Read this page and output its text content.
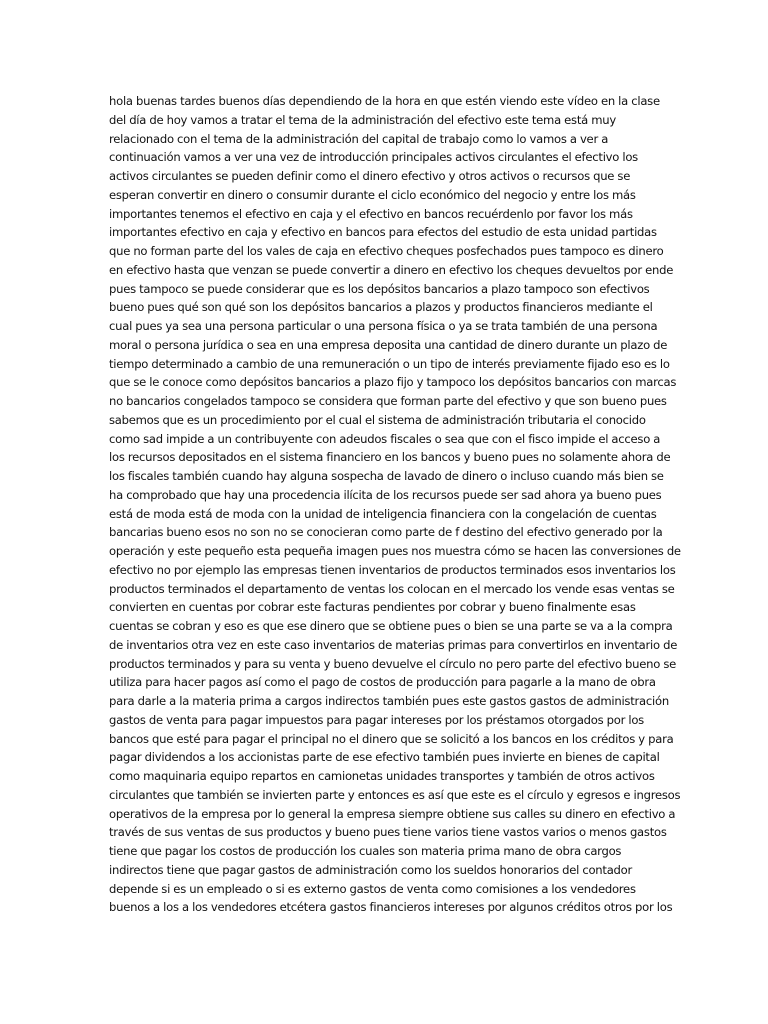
hola buenas tardes buenos días dependiendo de la hora en que estén viendo este vídeo en la clase
del día de hoy vamos a tratar el tema de la administración del efectivo este tema está muy
relacionado con el tema de la administración del capital de trabajo como lo vamos a ver a
continuación vamos a ver una vez de introducción principales activos circulantes el efectivo los
activos circulantes se pueden definir como el dinero efectivo y otros activos o recursos que se
esperan convertir en dinero o consumir durante el ciclo económico del negocio y entre los más
importantes tenemos el efectivo en caja y el efectivo en bancos recuérdenlo por favor los más
importantes efectivo en caja y efectivo en bancos para efectos del estudio de esta unidad partidas
que no forman parte del los vales de caja en efectivo cheques posfechados pues tampoco es dinero
en efectivo hasta que venzan se puede convertir a dinero en efectivo los cheques devueltos por ende
pues tampoco se puede considerar que es los depósitos bancarios a plazo tampoco son efectivos
bueno pues qué son qué son los depósitos bancarios a plazos y productos financieros mediante el
cual pues ya sea una persona particular o una persona física o ya se trata también de una persona
moral o persona jurídica o sea en una empresa deposita una cantidad de dinero durante un plazo de
tiempo determinado a cambio de una remuneración o un tipo de interés previamente fijado eso es lo
que se le conoce como depósitos bancarios a plazo fijo y tampoco los depósitos bancarios con marcas
no bancarios congelados tampoco se considera que forman parte del efectivo y que son bueno pues
sabemos que es un procedimiento por el cual el sistema de administración tributaria el conocido
como sad impide a un contribuyente con adeudos fiscales o sea que con el fisco impide el acceso a
los recursos depositados en el sistema financiero en los bancos y bueno pues no solamente ahora de
los fiscales también cuando hay alguna sospecha de lavado de dinero o incluso cuando más bien se
ha comprobado que hay una procedencia ilícita de los recursos puede ser sad ahora ya bueno pues
está de moda está de moda con la unidad de inteligencia financiera con la congelación de cuentas
bancarias bueno esos no son no se conocieran como parte de f destino del efectivo generado por la
operación y este pequeño esta pequeña imagen pues nos muestra cómo se hacen las conversiones de
efectivo no por ejemplo las empresas tienen inventarios de productos terminados esos inventarios los
productos terminados el departamento de ventas los colocan en el mercado los vende esas ventas se
convierten en cuentas por cobrar este facturas pendientes por cobrar y bueno finalmente esas
cuentas se cobran y eso es que ese dinero que se obtiene pues o bien se una parte se va a la compra
de inventarios otra vez en este caso inventarios de materias primas para convertirlos en inventario de
productos terminados y para su venta y bueno devuelve el círculo no pero parte del efectivo bueno se
utiliza para hacer pagos así como el pago de costos de producción para pagarle a la mano de obra
para darle a la materia prima a cargos indirectos también pues este gastos gastos de administración
gastos de venta para pagar impuestos para pagar intereses por los préstamos otorgados por los
bancos que esté para pagar el principal no el dinero que se solicitó a los bancos en los créditos y para
pagar dividendos a los accionistas parte de ese efectivo también pues invierte en bienes de capital
como maquinaria equipo repartos en camionetas unidades transportes y también de otros activos
circulantes que también se invierten parte y entonces es así que este es el círculo y egresos e ingresos
operativos de la empresa por lo general la empresa siempre obtiene sus calles su dinero en efectivo a
través de sus ventas de sus productos y bueno pues tiene varios tiene vastos varios o menos gastos
tiene que pagar los costos de producción los cuales son materia prima mano de obra cargos
indirectos tiene que pagar gastos de administración como los sueldos honorarios del contador
depende si es un empleado o si es externo gastos de venta como comisiones a los vendedores
buenos a los a los vendedores etcétera gastos financieros intereses por algunos créditos otros por los
